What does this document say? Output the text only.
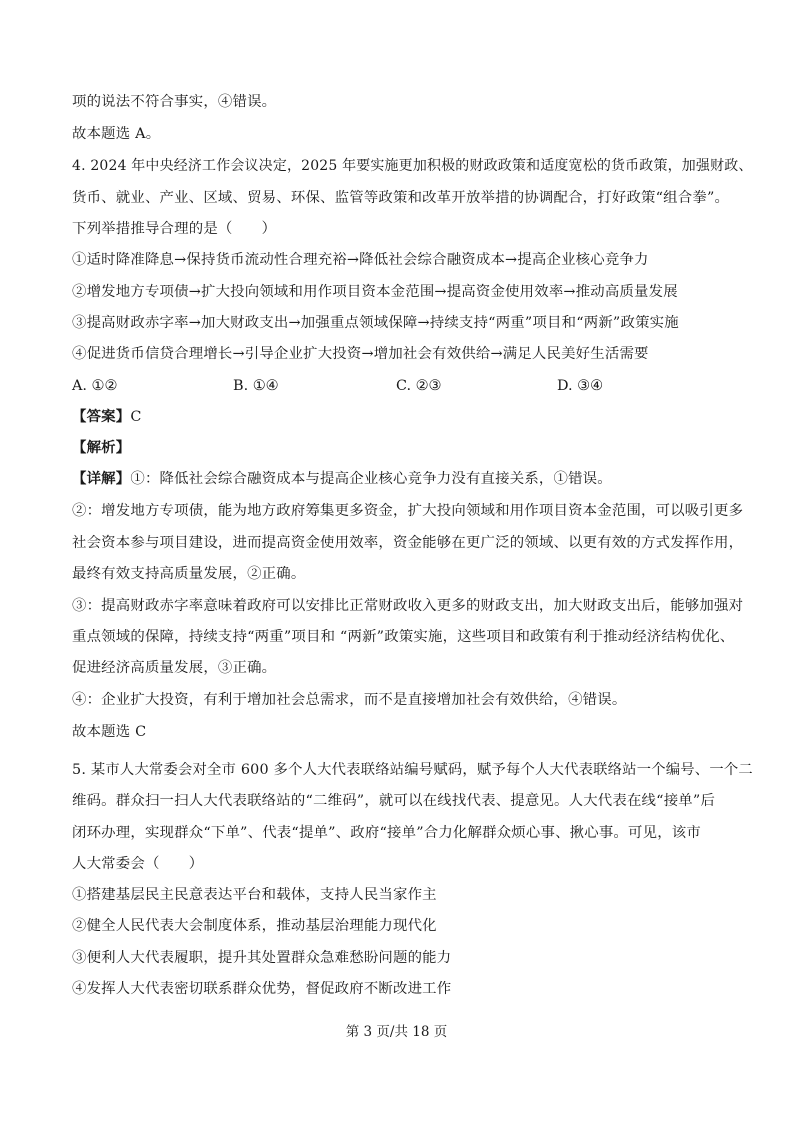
项的说法不符合事实，④错误。

故本题选 A。

4. 2024 年中央经济工作会议决定，2025 年要实施更加积极的财政政策和适度宽松的货币政策，加强财政、

货币、就业、产业、区域、贸易、环保、监管等政策和改革开放举措的协调配合，打好政策“组合拳”。

下列举措推导合理的是（　　）

①适时降准降息→保持货币流动性合理充裕→降低社会综合融资成本→提高企业核心竞争力

②增发地方专项债→扩大投向领域和用作项目资本金范围→提高资金使用效率→推动高质量发展

③提高财政赤字率→加大财政支出→加强重点领域保障→持续支持“两重”项目和“两新”政策实施

④促进货币信贷合理增长→引导企业扩大投资→增加社会有效供给→满足人民美好生活需要

A. ①②	B. ①④	C. ②③	D. ③④

【答案】C

【解析】

【详解】①：降低社会综合融资成本与提高企业核心竞争力没有直接关系，①错误。

②：增发地方专项债，能为地方政府筹集更多资金，扩大投向领域和用作项目资本金范围，可以吸引更多

社会资本参与项目建设，进而提高资金使用效率，资金能够在更广泛的领域、以更有效的方式发挥作用，

最终有效支持高质量发展，②正确。

③：提高财政赤字率意味着政府可以安排比正常财政收入更多的财政支出，加大财政支出后，能够加强对

重点领域的保障，持续支持“两重”项目和 “两新”政策实施，这些项目和政策有利于推动经济结构优化、

促进经济高质量发展，③正确。

④：企业扩大投资，有利于增加社会总需求，而不是直接增加社会有效供给，④错误。

故本题选 C

5. 某市人大常委会对全市 600 多个人大代表联络站编号赋码，赋予每个人大代表联络站一个编号、一个二

维码。群众扫一扫人大代表联络站的“二维码”，就可以在线找代表、提意见。人大代表在线“接单”后

闭环办理，实现群众“下单”、代表“提单”、政府“接单”合力化解群众烦心事、揪心事。可见，该市

人大常委会（　　）

①搭建基层民主民意表达平台和载体，支持人民当家作主

②健全人民代表大会制度体系，推动基层治理能力现代化

③便利人大代表履职，提升其处置群众急难愁盼问题的能力

④发挥人大代表密切联系群众优势，督促政府不断改进工作

第 3 页/共 18 页
